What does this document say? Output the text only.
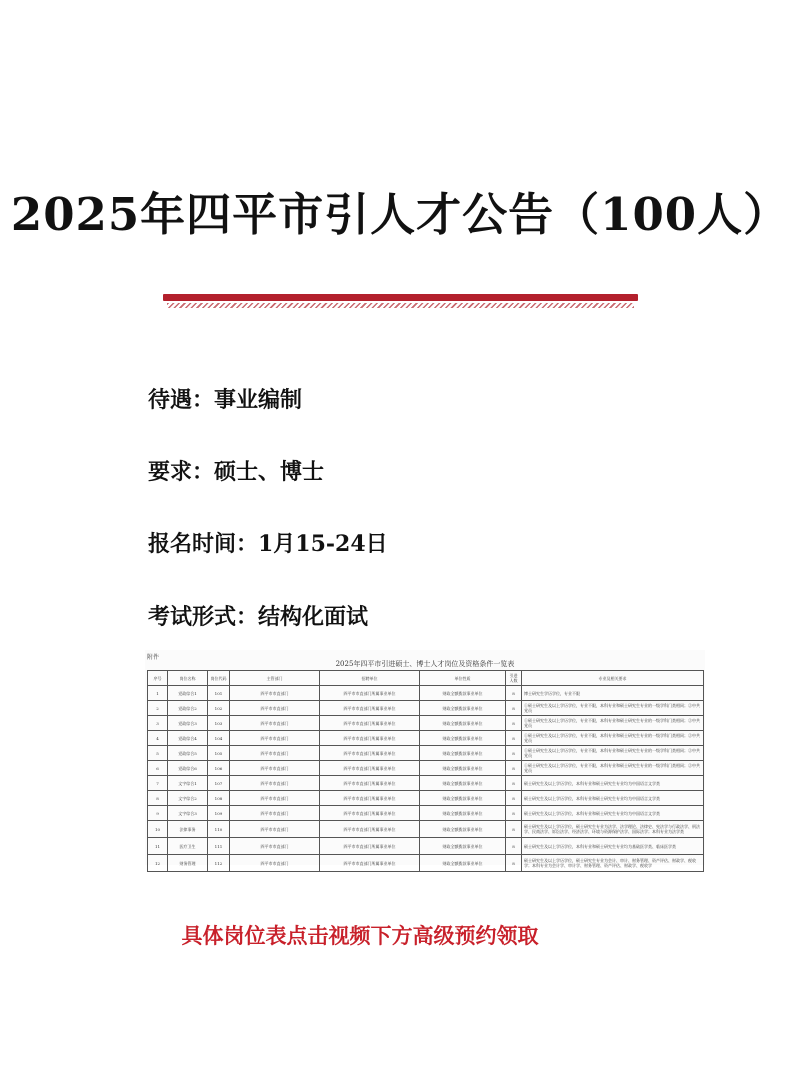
2025年四平市引人才公告（100人）
待遇：事业编制
要求：硕士、博士
报名时间：1月15-24日
考试形式：结构化面试
附件
2025年四平市引进硕士、博士人才岗位及资格条件一览表
序号	岗位名称	岗位代码	主管部门	招聘单位	单位性质	引进人数	专业及相关要求
1	党政综合1	101	四平市市直部门	四平市市直部门所属事业单位	财政全额拨款事业单位	8	博士研究生学历学位，专业不限
2	党政综合2	102	四平市市直部门	四平市市直部门所属事业单位	财政全额拨款事业单位	8	①硕士研究生及以上学历学位，专业不限，本科专业和硕士研究生专业的一级学科门类相同；②中共党员
3	党政综合3	103	四平市市直部门	四平市市直部门所属事业单位	财政全额拨款事业单位	8	①硕士研究生及以上学历学位，专业不限，本科专业和硕士研究生专业的一级学科门类相同；②中共党员
4	党政综合4	104	四平市市直部门	四平市市直部门所属事业单位	财政全额拨款事业单位	8	①硕士研究生及以上学历学位，专业不限，本科专业和硕士研究生专业的一级学科门类相同；②中共党员
5	党政综合5	105	四平市市直部门	四平市市直部门所属事业单位	财政全额拨款事业单位	8	①硕士研究生及以上学历学位，专业不限，本科专业和硕士研究生专业的一级学科门类相同；②中共党员
6	党政综合6	106	四平市市直部门	四平市市直部门所属事业单位	财政全额拨款事业单位	8	①硕士研究生及以上学历学位，专业不限，本科专业和硕士研究生专业的一级学科门类相同；②中共党员
7	文字综合1	107	四平市市直部门	四平市市直部门所属事业单位	财政全额拨款事业单位	8	硕士研究生及以上学历学位，本科专业和硕士研究生专业均为中国语言文学类
8	文字综合2	108	四平市市直部门	四平市市直部门所属事业单位	财政全额拨款事业单位	8	硕士研究生及以上学历学位，本科专业和硕士研究生专业均为中国语言文学类
9	文字综合3	109	四平市市直部门	四平市市直部门所属事业单位	财政全额拨款事业单位	8	硕士研究生及以上学历学位，本科专业和硕士研究生专业均为中国语言文学类
10	法律事务	110	四平市市直部门	四平市市直部门所属事业单位	财政全额拨款事业单位	8	硕士研究生及以上学历学位，硕士研究生专业为法学、法学理论、法律史、宪法学与行政法学、刑法学、民商法学、诉讼法学、经济法学、环境与资源保护法学、国际法学；本科专业为法学类
11	医疗卫生	111	四平市市直部门	四平市市直部门所属事业单位	财政全额拨款事业单位	8	硕士研究生及以上学历学位，本科专业和硕士研究生专业均为基础医学类、临床医学类
12	财务管理	112	四平市市直部门	四平市市直部门所属事业单位	财政全额拨款事业单位	8	硕士研究生及以上学历学位，硕士研究生专业为会计、审计、财务管理、资产评估、财政学、税收学；本科专业为会计学、审计学、财务管理、资产评估、财政学、税收学
具体岗位表点击视频下方高级预约领取
